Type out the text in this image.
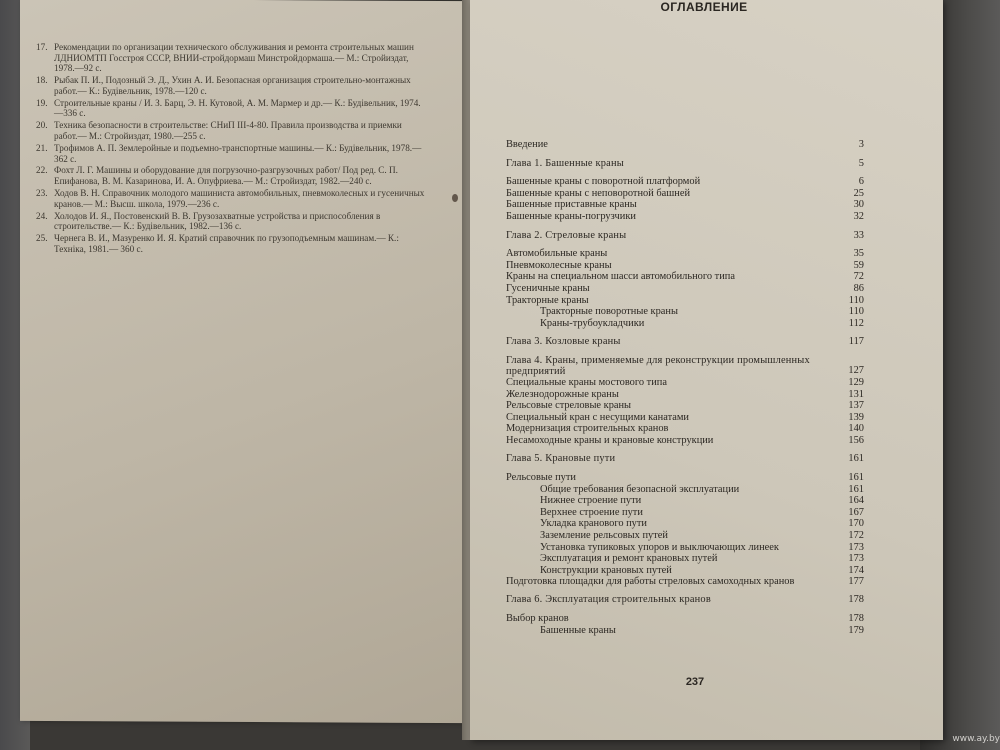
17. Рекомендации по организации технического обслуживания и ремонта строительных машин ЛДНИОМТП Госстроя СССР, ВНИИ-стройдормаш Минстройдормаша.— М.: Стройиздат, 1978.—92 с.
18. Рыбак П. И., Подозный Э. Д., Ухин А. И. Безопасная организация строительно-монтажных работ.— К.: Будівельник, 1978.—120 с.
19. Строительные краны / И. З. Барц, Э. Н. Кутовой, А. М. Мармер и др.— К.: Будівельник, 1974.—336 с.
20. Техника безопасности в строительстве: СНиП III-4-80. Правила производства и приемки работ.— М.: Стройиздат, 1980.—255 с.
21. Трофимов А. П. Землеройные и подъемно-транспортные машины.— К.: Будівельник, 1978.—362 с.
22. Фохт Л. Г. Машины и оборудование для погрузочно-разгрузочных работ/ Под ред. С. П. Епифанова, В. М. Казаринова, И. А. Опуфриева.— М.: Стройиздат, 1982.—240 с.
23. Ходов В. Н. Справочник молодого машиниста автомобильных, пневмоколесных и гусеничных кранов.— М.: Высш. школа, 1979.—236 с.
24. Холодов И. Я., Постовенский В. В. Грузозахватные устройства и приспособления в строительстве.— К.: Будівельник, 1982.—136 с.
25. Чернега В. И., Мазуренко И. Я. Кратий справочник по грузоподъемным машинам.— К.: Техніка, 1981.— 360 с.
ОГЛАВЛЕНИЕ
Введение	3
Глава 1. Башенные краны	5
Башенные краны с поворотной платформой	6
Башенные краны с неповоротной башней	25
Башенные приставные краны	30
Башенные краны-погрузчики	32
Глава 2. Стреловые краны	33
Автомобильные краны	35
Пневмоколесные краны	59
Краны на специальном шасси автомобильного типа	72
Гусеничные краны	86
Тракторные краны	110
Тракторные поворотные краны	110
Краны-трубоукладчики	112
Глава 3. Козловые краны	117
Глава 4. Краны, применяемые для реконструкции промышленных предприятий	127
Специальные краны мостового типа	129
Железнодорожные краны	131
Рельсовые стреловые краны	137
Специальный кран с несущими канатами	139
Модернизация строительных кранов	140
Несамоходные краны и крановые конструкции	156
Глава 5. Крановые пути	161
Рельсовые пути	161
Общие требования безопасной эксплуатации	161
Нижнее строение пути	164
Верхнее строение пути	167
Укладка кранового пути	170
Заземление рельсовых путей	172
Установка тупиковых упоров и выключающих линеек	173
Эксплуатация и ремонт крановых путей	173
Конструкции крановых путей	174
Подготовка площадки для работы стреловых самоходных кранов	177
Глава 6. Эксплуатация строительных кранов	178
Выбор кранов	178
Башенные краны	179
237
www.ay.by
